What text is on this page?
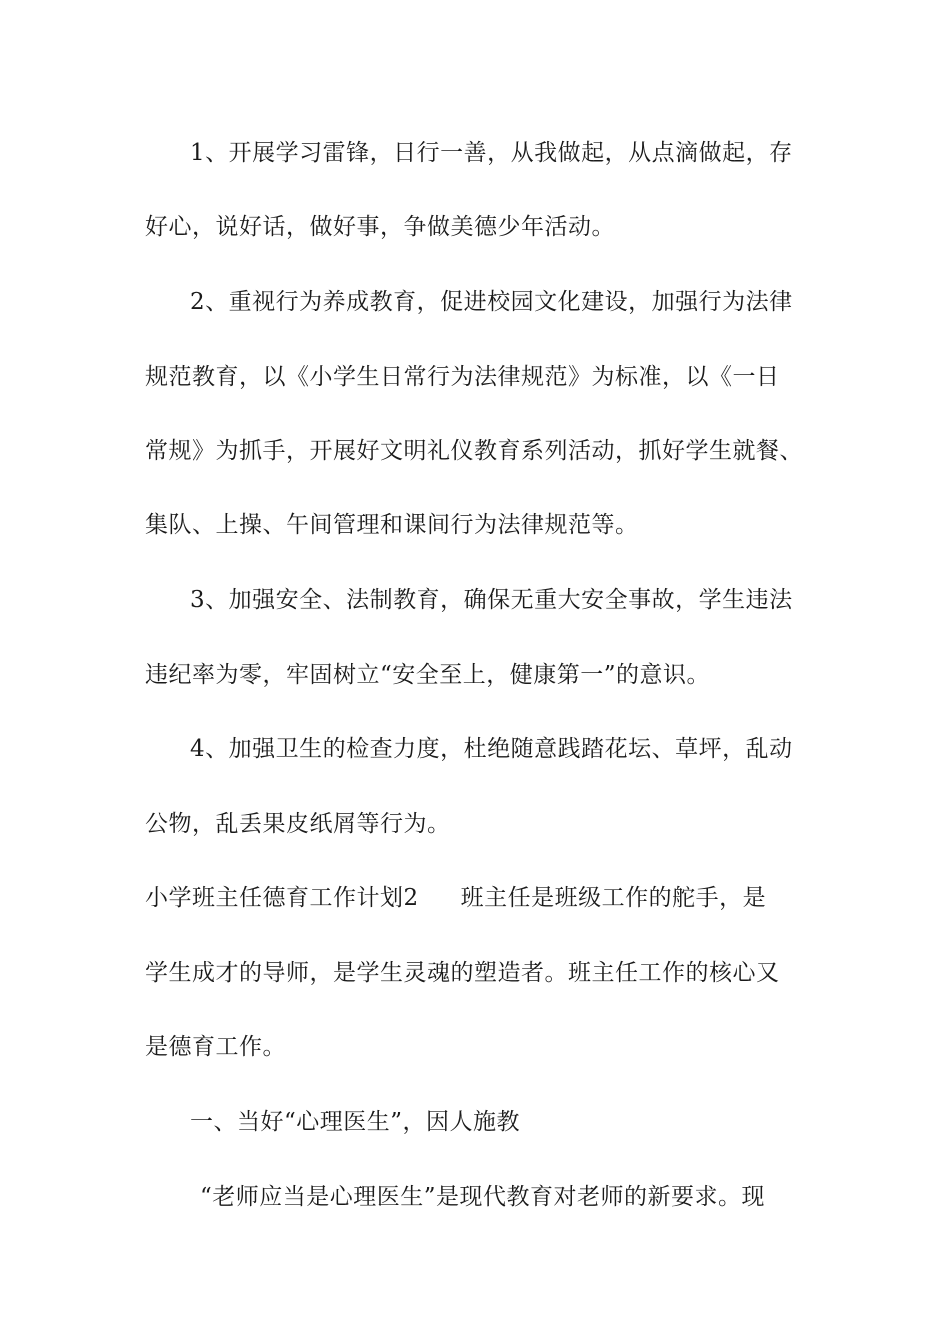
1、开展学习雷锋，日行一善，从我做起，从点滴做起，存
好心，说好话，做好事，争做美德少年活动。
2、重视行为养成教育，促进校园文化建设，加强行为法律
规范教育，以《小学生日常行为法律规范》为标准，以《一日
常规》为抓手，开展好文明礼仪教育系列活动，抓好学生就餐、
集队、上操、午间管理和课间行为法律规范等。
3、加强安全、法制教育，确保无重大安全事故，学生违法
违纪率为零，牢固树立“安全至上，健康第一”的意识。
4、加强卫生的检查力度，杜绝随意践踏花坛、草坪，乱动
公物，乱丢果皮纸屑等行为。
小学班主任德育工作计划2 班主任是班级工作的舵手，是
学生成才的导师，是学生灵魂的塑造者。班主任工作的核心又
是德育工作。
一、当好“心理医生”，因人施教
“老师应当是心理医生”是现代教育对老师的新要求。现
